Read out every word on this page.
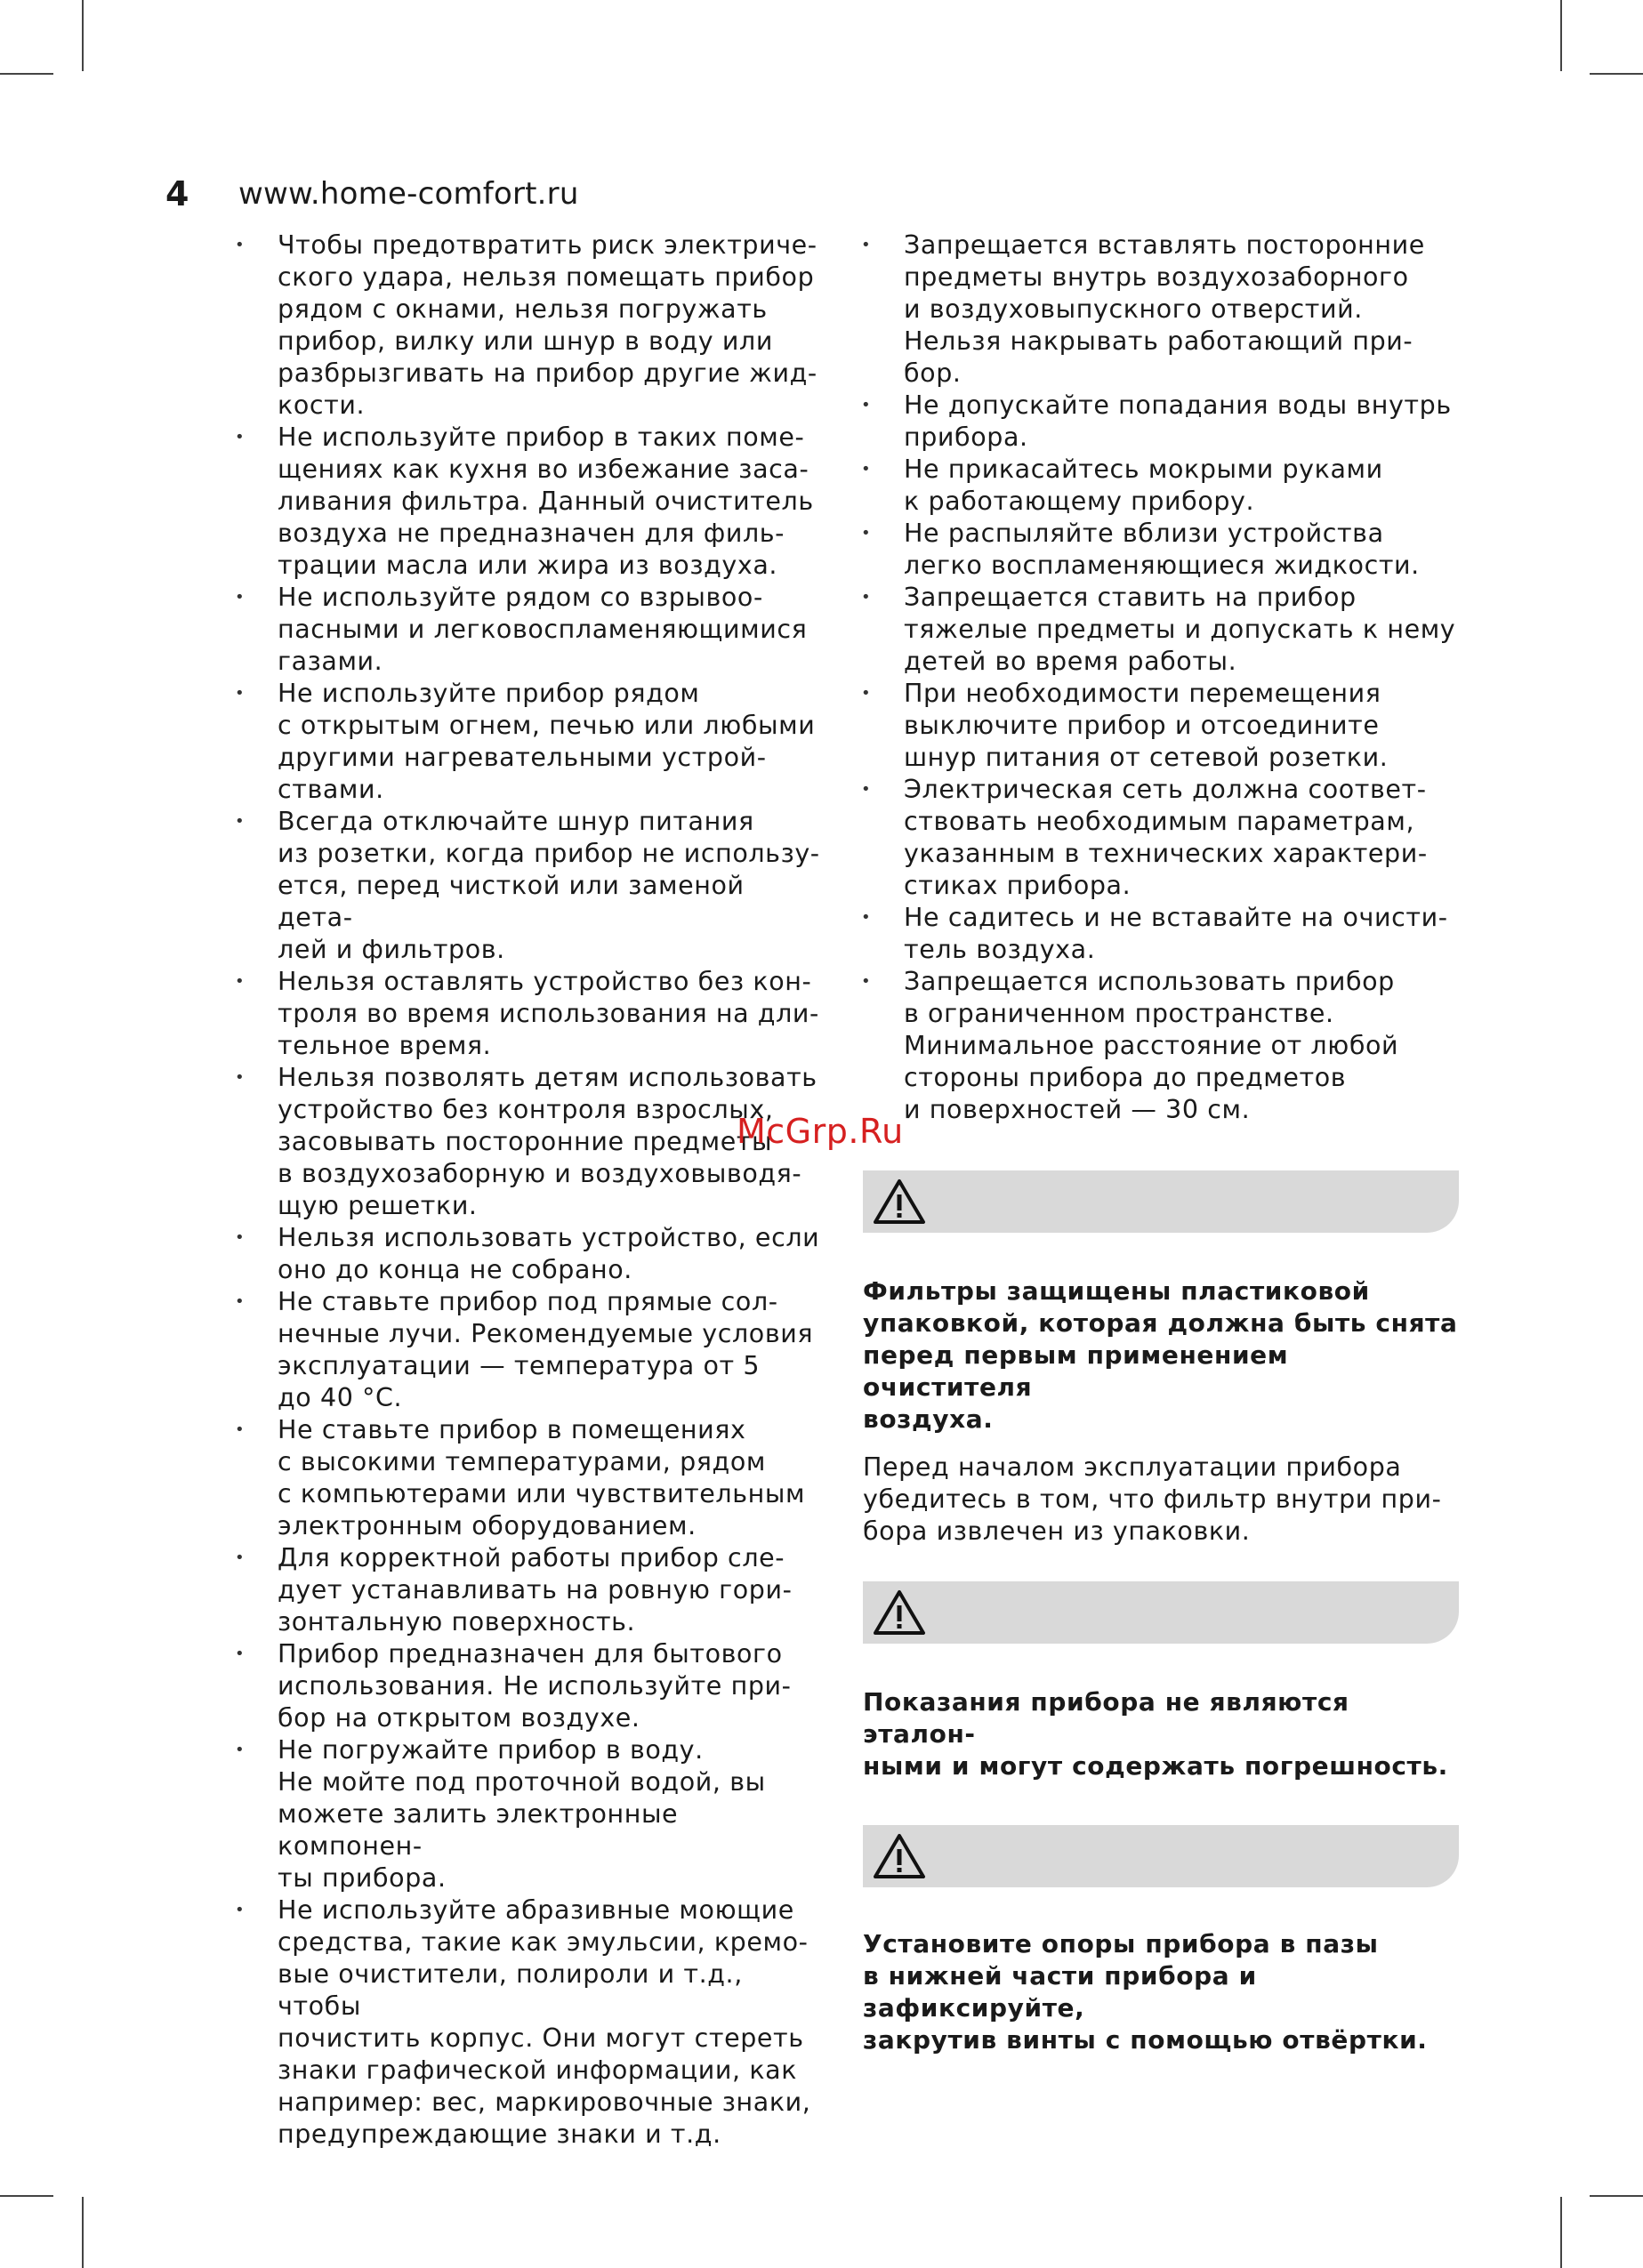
4	www.home-comfort.ru
• Чтобы предотвратить риск электриче-
ского удара, нельзя помещать прибор
рядом с окнами, нельзя погружать
прибор, вилку или шнур в воду или
разбрызгивать на прибор другие жид-
кости.
• Не используйте прибор в таких поме-
щениях как кухня во избежание заса-
ливания фильтра. Данный очиститель
воздуха не предназначен для филь-
трации масла или жира из воздуха.
• Не используйте рядом со взрывоо-
пасными и легковоспламеняющимися
газами.
• Не используйте прибор рядом
с открытым огнем, печью или любыми
другими нагревательными устрой-
ствами.
• Всегда отключайте шнур питания
из розетки, когда прибор не использу-
ется, перед чисткой или заменой дета-
лей и фильтров.
• Нельзя оставлять устройство без кон-
троля во время использования на дли-
тельное время.
• Нельзя позволять детям использовать
устройство без контроля взрослых,
засовывать посторонние предметы
в воздухозаборную и воздуховыводя-
щую решетки.
• Нельзя использовать устройство, если
оно до конца не собрано.
• Не ставьте прибор под прямые сол-
нечные лучи. Рекомендуемые условия
эксплуатации — температура от 5
до 40 °C.
• Не ставьте прибор в помещениях
с высокими температурами, рядом
с компьютерами или чувствительным
электронным оборудованием.
• Для корректной работы прибор сле-
дует устанавливать на ровную гори-
зонтальную поверхность.
• Прибор предназначен для бытового
использования. Не используйте при-
бор на открытом воздухе.
• Не погружайте прибор в воду.
Не мойте под проточной водой, вы
можете залить электронные компонен-
ты прибора.
• Не используйте абразивные моющие
средства, такие как эмульсии, кремо-
вые очистители, полироли и т.д., чтобы
почистить корпус. Они могут стереть
знаки графической информации, как
например: вес, маркировочные знаки,
предупреждающие знаки и т.д.
• Запрещается вставлять посторонние
предметы внутрь воздухозаборного
и воздуховыпускного отверстий.
Нельзя накрывать работающий при-
бор.
• Не допускайте попадания воды внутрь
прибора.
• Не прикасайтесь мокрыми руками
к работающему прибору.
• Не распыляйте вблизи устройства
легко воспламеняющиеся жидкости.
• Запрещается ставить на прибор
тяжелые предметы и допускать к нему
детей во время работы.
• При необходимости перемещения
выключите прибор и отсоедините
шнур питания от сетевой розетки.
• Электрическая сеть должна соответ-
ствовать необходимым параметрам,
указанным в технических характери-
стиках прибора.
• Не садитесь и не вставайте на очисти-
тель воздуха.
• Запрещается использовать прибор
в ограниченном пространстве.
Минимальное расстояние от любой
стороны прибора до предметов
и поверхностей — 30 см.
Фильтры защищены пластиковой
упаковкой, которая должна быть снята
перед первым применением очистителя
воздуха.
Перед началом эксплуатации прибора
убедитесь в том, что фильтр внутри при-
бора извлечен из упаковки.
Показания прибора не являются эталон-
ными и могут содержать погрешность.
Установите опоры прибора в пазы
в нижней части прибора и зафиксируйте,
закрутив винты с помощью отвёртки.
McGrp.Ru
